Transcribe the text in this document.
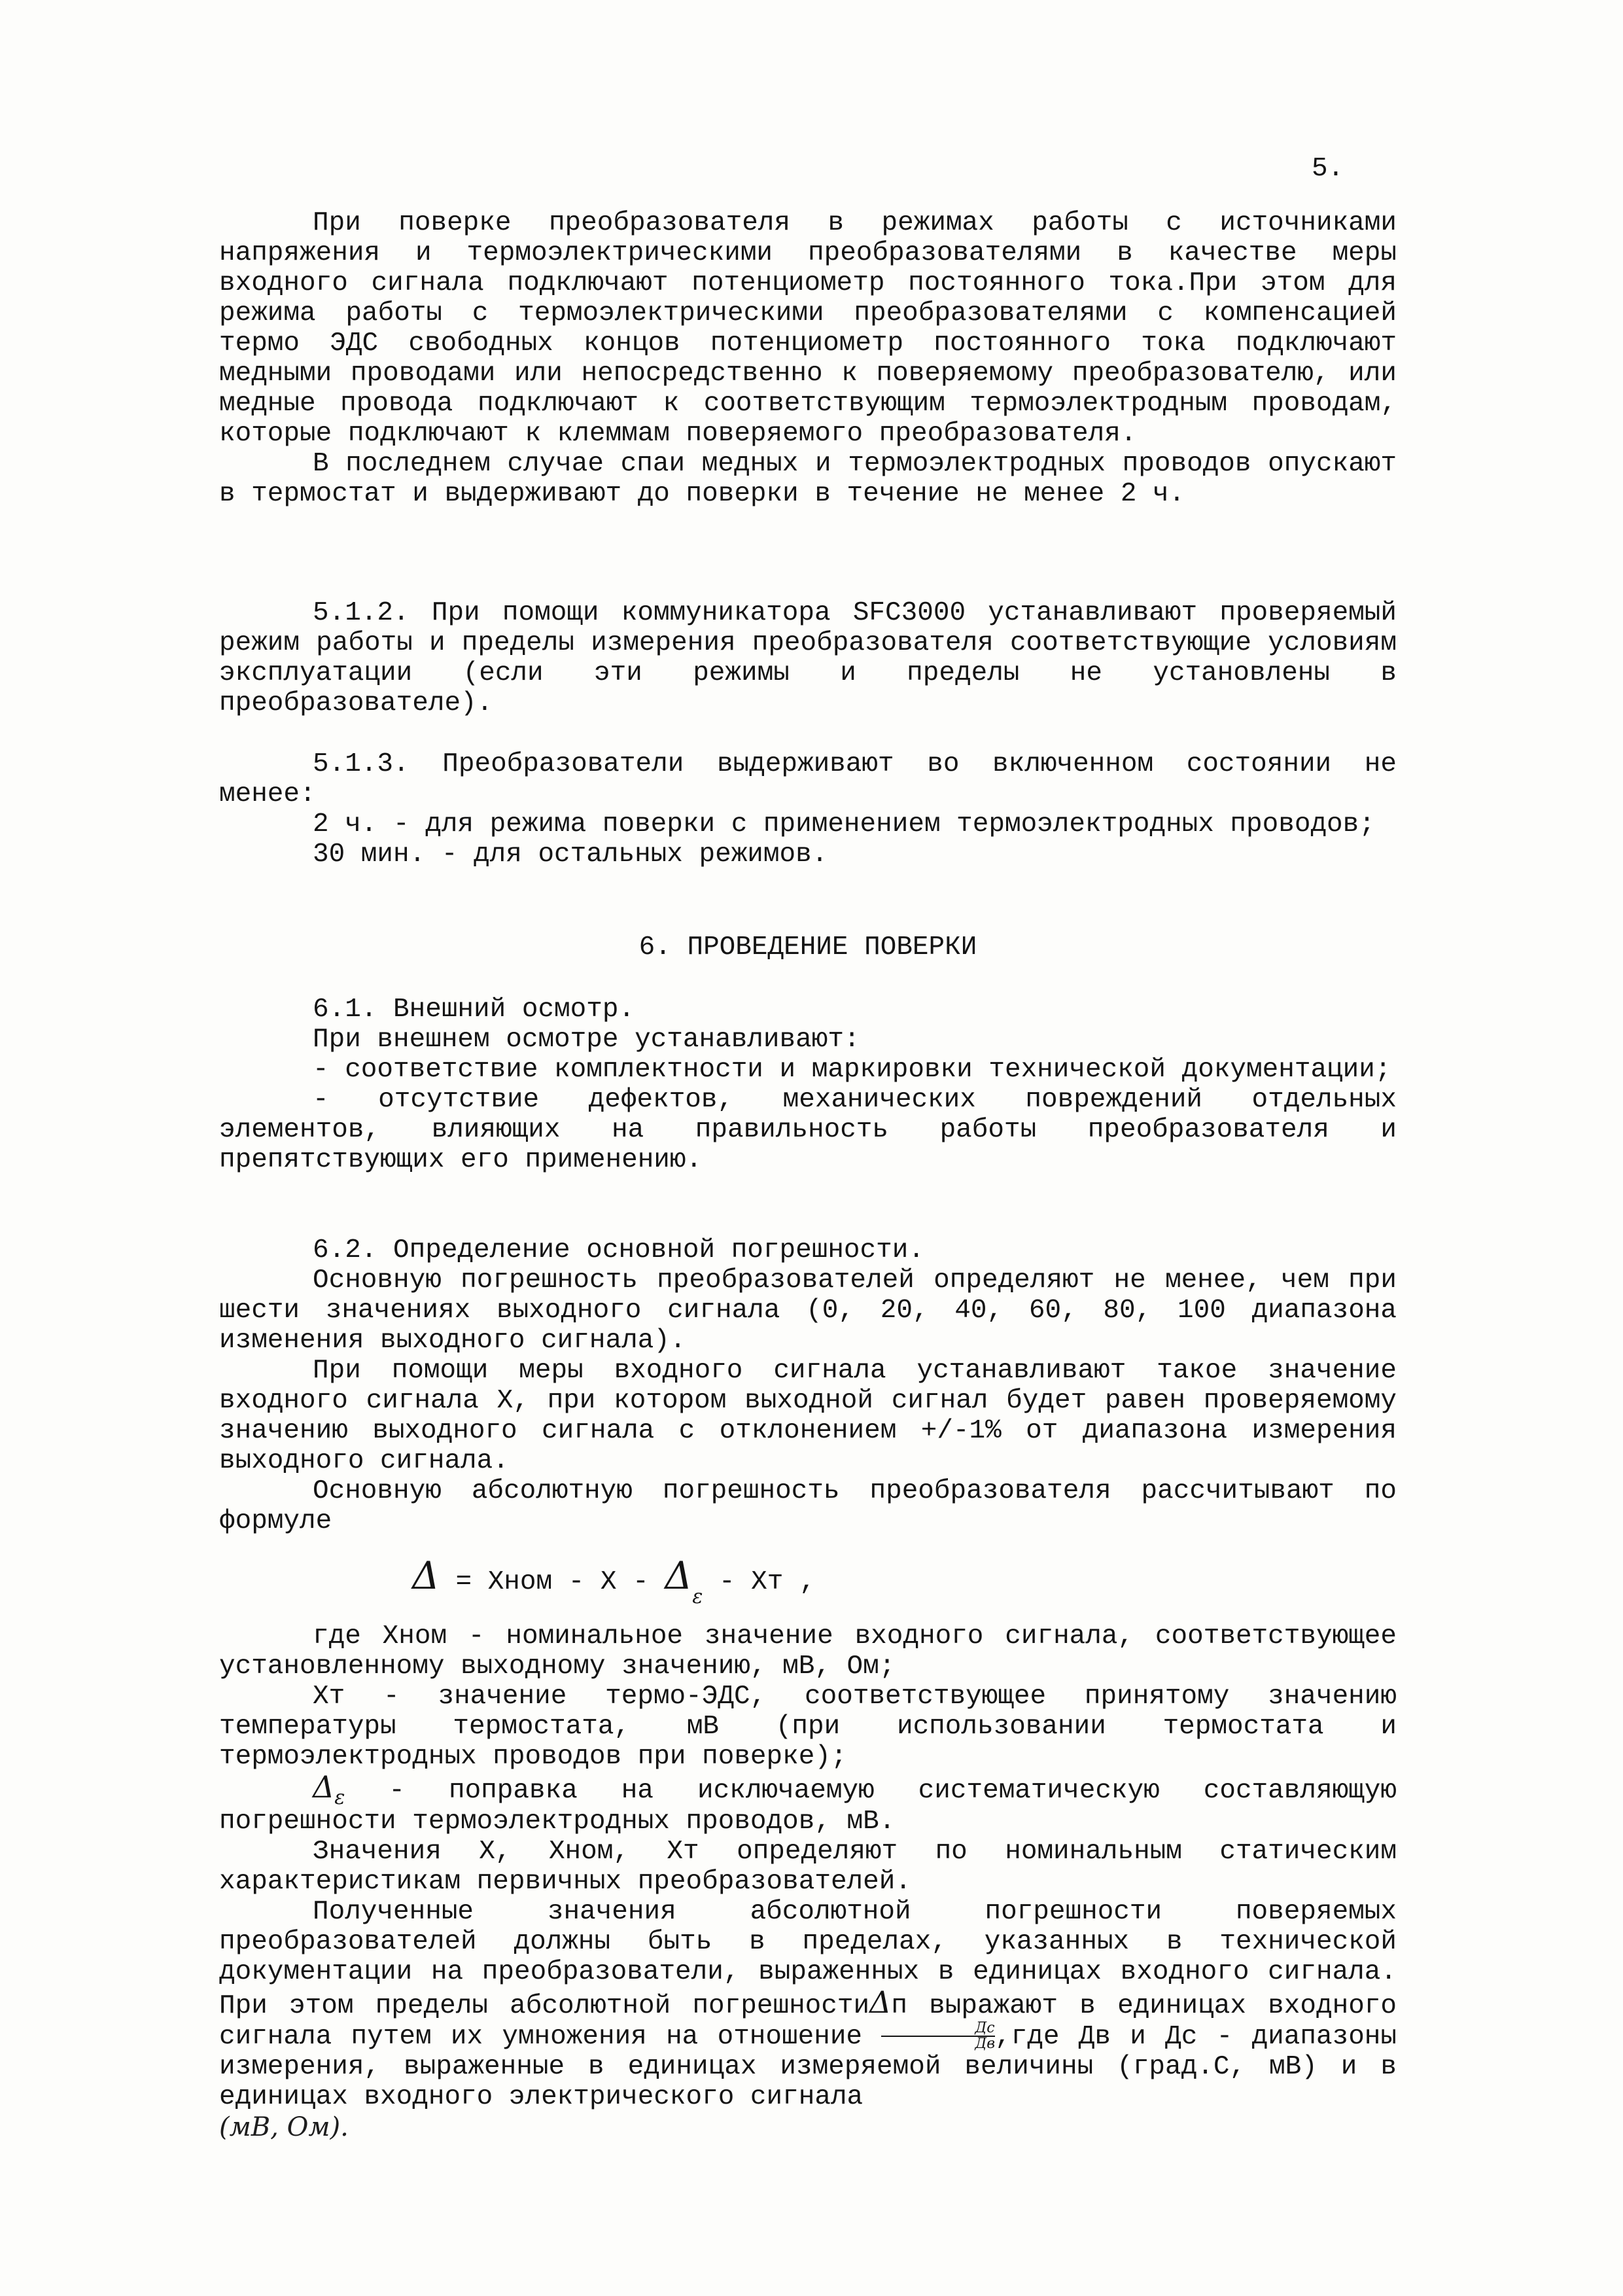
5.

При поверке преобразователя в режимах работы с источниками напряжения и термоэлектрическими преобразователями в качестве меры входного сигнала подключают потенциометр постоянного тока.При этом для режима работы с термоэлектрическими преобразователями с компенсацией термо ЭДС свободных концов потенциометр постоянного тока подключают медными проводами или непосредственно к поверяемому преобразователю, или медные провода подключают к соответствующим термоэлектродным проводам, которые подключают к клеммам поверяемого преобразователя.

В последнем случае спаи медных и термоэлектродных проводов опускают в термостат и выдерживают до поверки в течение не менее 2 ч.

5.1.2. При помощи коммуникатора SFC3000 устанавливают проверяемый режим работы и пределы измерения преобразователя соответствующие условиям эксплуатации (если эти режимы и пределы не установлены в преобразователе).

5.1.3. Преобразователи выдерживают во включенном состоянии не менее:

2 ч. - для режима поверки с применением термоэлектродных проводов;

30 мин. - для остальных режимов.

6. ПРОВЕДЕНИЕ ПОВЕРКИ

6.1. Внешний осмотр.

При внешнем осмотре устанавливают:

- соответствие комплектности и маркировки технической документации;

- отсутствие дефектов, механических повреждений отдельных элементов, влияющих на правильность работы преобразователя и препятствующих его применению.

6.2. Определение основной погрешности.

Основную погрешность преобразователей определяют не менее, чем при шести значениях выходного сигнала (0, 20, 40, 60, 80, 100 диапазона изменения выходного сигнала).

При помощи меры входного сигнала устанавливают такое значение входного сигнала Х, при котором выходной сигнал будет равен проверяемому значению выходного сигнала с отклонением +/-1% от диапазона измерения выходного сигнала.

Основную абсолютную погрешность преобразователя рассчитывают по формуле

Δ = Хном - Х - $\Delta_\varepsilon$ - Хт ,

где Хном - номинальное значение входного сигнала, соответствующее установленному выходному значению, мВ, Ом;

Хт - значение термо-ЭДС, соответствующее принятому значению температуры термостата, мВ (при использовании термостата и термоэлектродных проводов при поверке);

$\Delta_\varepsilon$ - поправка на исключаемую систематическую составляющую погрешности термоэлектродных проводов, мВ.

Значения Х, Хном, Хт определяют по номинальным статическим характеристикам первичных преобразователей.

Полученные значения абсолютной погрешности поверяемых преобразователей должны быть в пределах, указанных в технической документации на преобразователи, выраженных в единицах входного сигнала. При этом пределы абсолютной погрешностиΔп выражают в единицах входного сигнала путем их умножения на отношение $\frac{Дс}{Дв} ,где$ Дв и Дс - диапазоны измерения, выраженные в единицах измеряемой величины (град.С, мВ) и в единицах входного электрического сигнала

(мВ, Ом).
